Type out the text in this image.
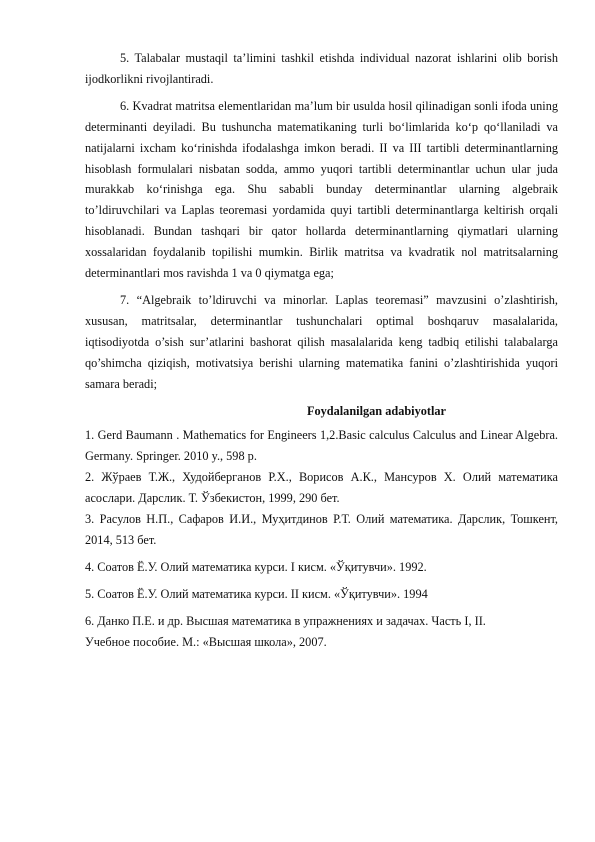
5. Talabalar mustaqil ta’limini tashkil etishda individual nazorat ishlarini olib borish ijodkorlikni rivojlantiradi.

6. Kvadrat matritsa elementlaridan ma’lum bir usulda hosil qilinadigan sonli ifoda uning determinanti deyiladi. Bu tushuncha matematikaning turli bo‘limlarida ko‘p qo‘llaniladi va natijalarni ixcham ko‘rinishda ifodalashga imkon beradi. II va III tartibli determinantlarning hisoblash formulalari nisbatan sodda, ammo yuqori tartibli determinantlar uchun ular juda murakkab ko‘rinishga ega. Shu sababli bunday determinantlar ularning algebraik to’ldiruvchilari va Laplas teoremasi yordamida quyi tartibli determinantlarga keltirish orqali hisoblanadi. Bundan tashqari bir qator hollarda determinantlarning qiymatlari ularning xossalaridan foydalanib topilishi mumkin. Birlik matritsa va kvadratik nol matritsalarning determinantlari mos ravishda 1 va 0 qiymatga ega;

7. “Algebraik to’ldiruvchi va minorlar. Laplas teoremasi” mavzusini o’zlashtirish, xususan, matritsalar, determinantlar tushunchalari optimal boshqaruv masalalarida, iqtisodiyotda o’sish sur’atlarini bashorat qilish masalalarida keng tadbiq etilishi talabalarga qo’shimcha qiziqish, motivatsiya berishi ularning matematika fanini o’zlashtirishida yuqori samara beradi;

Foydalanilgan adabiyotlar

1. Gerd Baumann . Mathematics for Engineers 1,2.Basic calculus Calculus and Linear Algebra. Germany. Springer. 2010 y., 598 p.

2. Жўраев Т.Ж., Худойберганов Р.Х., Ворисов А.К., Мансуров Х. Олий математика асослари. Дарслик. Т. Ўзбекистон, 1999, 290 бет.

3. Расулов Н.П., Сафаров И.И., Муҳитдинов Р.Т. Олий математика. Дарслик, Тошкент, 2014, 513 бет.

4. Соатов Ё.У. Олий математика курси. I кисм. «Ўқитувчи». 1992.

5. Соатов Ё.У. Олий математика курси. II кисм. «Ўқитувчи». 1994

6. Данко П.Е. и др. Высшая математика в упражнениях и задачах. Часть I, II.

Учебное пособие. М.: «Высшая школа», 2007.
